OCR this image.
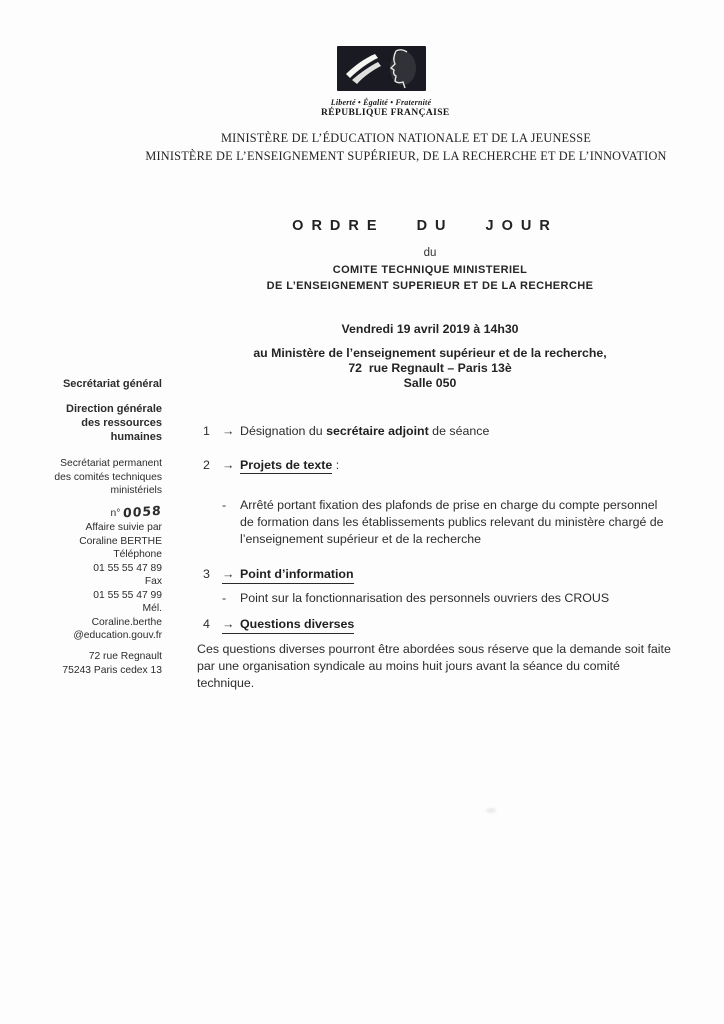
Liberté • Égalité • Fraternité
RÉPUBLIQUE FRANÇAISE
MINISTÈRE DE L’ÉDUCATION NATIONALE ET DE LA JEUNESSE
MINISTÈRE DE L’ENSEIGNEMENT SUPÉRIEUR, DE LA RECHERCHE ET DE L’INNOVATION
ORDRE DU JOUR
du
COMITE TECHNIQUE MINISTERIEL
DE L’ENSEIGNEMENT SUPERIEUR ET DE LA RECHERCHE
Vendredi 19 avril 2019 à 14h30
au Ministère de l’enseignement supérieur et de la recherche,
72  rue Regnault – Paris 13è
Salle 050
Secrétariat général
Direction générale des ressources humaines
Secrétariat permanent des comités techniques ministériels
n° 0058
Affaire suivie par
Coraline BERTHE
Téléphone
01 55 55 47 89
Fax
01 55 55 47 99
Mél.
Coraline.berthe
@education.gouv.fr
72 rue Regnault
75243 Paris cedex 13
1 → Désignation du secrétaire adjoint de séance
2 → Projets de texte :
- Arrêté portant fixation des plafonds de prise en charge du compte personnel de formation dans les établissements publics relevant du ministère chargé de l’enseignement supérieur et de la recherche
3 → Point d’information
- Point sur la fonctionnarisation des personnels ouvriers des CROUS
4 → Questions diverses
Ces questions diverses pourront être abordées sous réserve que la demande soit faite par une organisation syndicale au moins huit jours avant la séance du comité technique.
